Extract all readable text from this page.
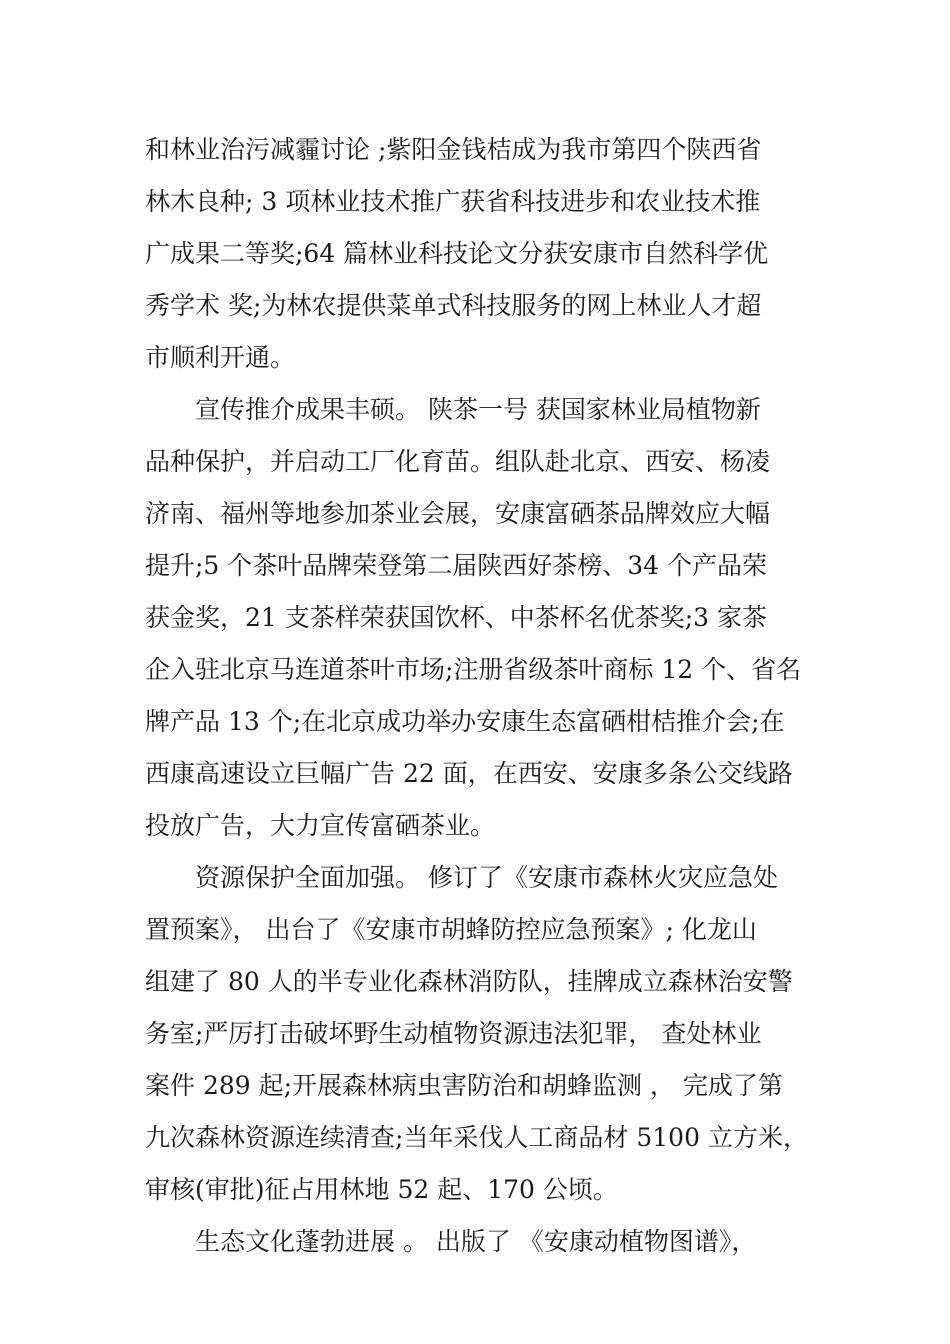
和林业治污减霾讨论 ;紫阳金钱桔成为我市第四个陕西省
林木良种; 3 项林业技术推广获省科技进步和农业技术推
广成果二等奖;64 篇林业科技论文分获安康市自然科学优
秀学术 奖;为林农提供菜单式科技服务的网上林业人才超
市顺利开通。
宣传推介成果丰硕。 陕茶一号 获国家林业局植物新
品种保护，并启动工厂化育苗。组队赴北京、西安、杨凌
济南、福州等地参加茶业会展，安康富硒茶品牌效应大幅
提升;5 个茶叶品牌荣登第二届陕西好茶榜、34 个产品荣
获金奖，21 支茶样荣获国饮杯、中茶杯名优茶奖;3 家茶
企入驻北京马连道茶叶市场;注册省级茶叶商标 12 个、省名
牌产品 13 个;在北京成功举办安康生态富硒柑桔推介会;在
西康高速设立巨幅广告 22 面，在西安、安康多条公交线路
投放广告，大力宣传富硒茶业。
资源保护全面加强。 修订了《安康市森林火灾应急处
置预案》， 出台了《安康市胡蜂防控应急预案》; 化龙山
组建了 80 人的半专业化森林消防队，挂牌成立森林治安警
务室;严厉打击破坏野生动植物资源违法犯罪， 查处林业
案件 289 起;开展森林病虫害防治和胡蜂监测 ， 完成了第
九次森林资源连续清查;当年采伐人工商品材 5100 立方米，
审核(审批)征占用林地 52 起、170 公顷。
生态文化蓬勃进展 。 出版了 《安康动植物图谱》，
